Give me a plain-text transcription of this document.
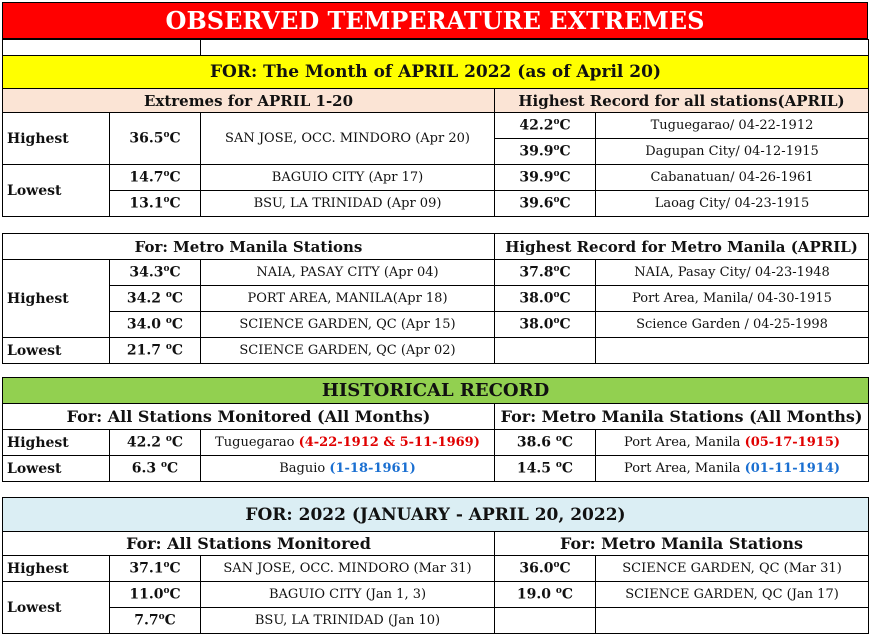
OBSERVED TEMPERATURE EXTREMES

FOR: The Month of APRIL 2022 (as of April 20)				
Extremes for APRIL 1-20			Highest Record for all stations(APRIL)	
Highest	36.5$^o$C	SAN JOSE, OCC. MINDORO (Apr 20)	42.2$^o$C	Tuguegarao/ 04-22-1912
			39.9$^o$C	Dagupan City/ 04-12-1915
Lowest	14.7$^o$C	BAGUIO CITY (Apr 17)	39.9$^o$C	Cabanatuan/ 04-26-1961
	13.1$^o$C	BSU, LA TRINIDAD (Apr 09)	39.6$^o$C	Laoag City/ 04-23-1915
For: Metro Manila Stations			Highest Record for Metro Manila (APRIL)	
Highest	34.3$^o$C	NAIA, PASAY CITY (Apr 04)	37.8$^o$C	NAIA, Pasay City/ 04-23-1948
	34.2 $^o$C	PORT AREA, MANILA(Apr 18)	38.0$^o$C	Port Area, Manila/ 04-30-1915
	34.0 $^o$C	SCIENCE GARDEN, QC (Apr 15)	38.0$^o$C	Science Garden / 04-25-1998
Lowest	21.7 $^o$C	SCIENCE GARDEN, QC (Apr 02)		
HISTORICAL RECORD				
For: All Stations Monitored (All Months)			For: Metro Manila Stations (All Months)	
Highest	42.2 $^o$C	Tuguegarao (4-22-1912 & 5-11-1969)	38.6 $^o$C	Port Area, Manila (05-17-1915)
Lowest	6.3 $^o$C	Baguio (1-18-1961)	14.5 $^o$C	Port Area, Manila (01-11-1914)
FOR: 2022 (JANUARY - APRIL 20, 2022)				
For: All Stations Monitored			For: Metro Manila Stations	
Highest	37.1$^o$C	SAN JOSE, OCC. MINDORO (Mar 31)	36.0$^o$C	SCIENCE GARDEN, QC (Mar 31)
Lowest	11.0$^o$C	BAGUIO CITY (Jan 1, 3)	19.0 $^o$C	SCIENCE GARDEN, QC (Jan 17)
	7.7$^o$C	BSU, LA TRINIDAD (Jan 10)		
